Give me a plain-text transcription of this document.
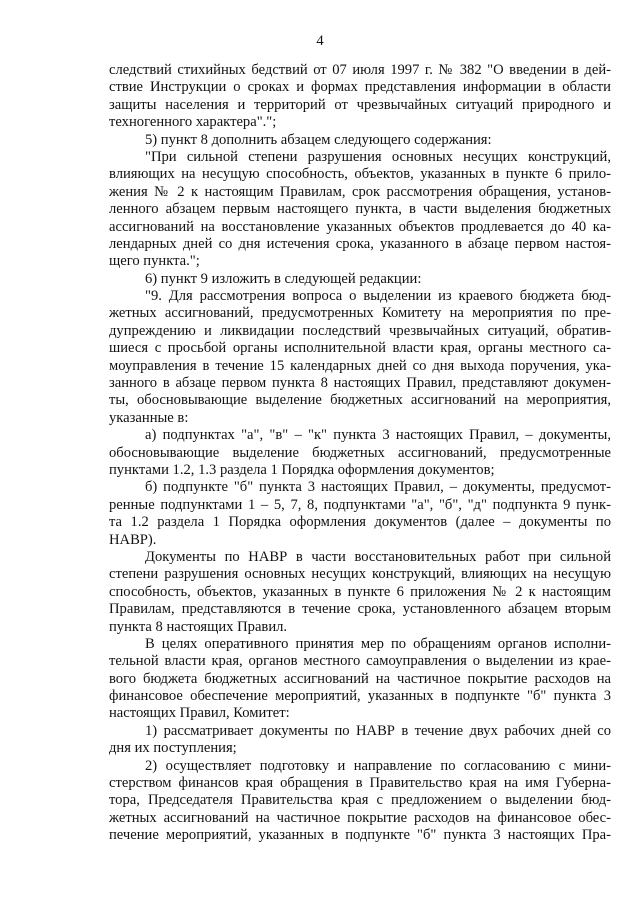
4
следствий стихийных бедствий от 07 июля 1997 г. № 382 "О введении в дей-
ствие Инструкции о сроках и формах представления информации в области
защиты населения и территорий от чрезвычайных ситуаций природного и
техногенного характера".";
5) пункт 8 дополнить абзацем следующего содержания:
"При сильной степени разрушения основных несущих конструкций,
влияющих на несущую способность, объектов, указанных в пункте 6 прило-
жения № 2 к настоящим Правилам, срок рассмотрения обращения, установ-
ленного абзацем первым настоящего пункта, в части выделения бюджетных
ассигнований на восстановление указанных объектов продлевается до 40 ка-
лендарных дней со дня истечения срока, указанного в абзаце первом настоя-
щего пункта.";
6) пункт 9 изложить в следующей редакции:
"9. Для рассмотрения вопроса о выделении из краевого бюджета бюд-
жетных ассигнований, предусмотренных Комитету на мероприятия по пре-
дупреждению и ликвидации последствий чрезвычайных ситуаций, обратив-
шиеся с просьбой органы исполнительной власти края, органы местного са-
моуправления в течение 15 календарных дней со дня выхода поручения, ука-
занного в абзаце первом пункта 8 настоящих Правил, представляют докумен-
ты, обосновывающие выделение бюджетных ассигнований на мероприятия,
указанные в:
а) подпунктах "а", "в" – "к" пункта 3 настоящих Правил, – документы,
обосновывающие выделение бюджетных ассигнований, предусмотренные
пунктами 1.2, 1.3 раздела 1 Порядка оформления документов;
б) подпункте "б" пункта 3 настоящих Правил, – документы, предусмот-
ренные подпунктами 1 – 5, 7, 8, подпунктами "а", "б", "д" подпункта 9 пунк-
та 1.2 раздела 1 Порядка оформления документов (далее – документы по
НАВР).
Документы по НАВР в части восстановительных работ при сильной
степени разрушения основных несущих конструкций, влияющих на несущую
способность, объектов, указанных в пункте 6 приложения № 2 к настоящим
Правилам, представляются в течение срока, установленного абзацем вторым
пункта 8 настоящих Правил.
В целях оперативного принятия мер по обращениям органов исполни-
тельной власти края, органов местного самоуправления о выделении из крае-
вого бюджета бюджетных ассигнований на частичное покрытие расходов на
финансовое обеспечение мероприятий, указанных в подпункте "б" пункта 3
настоящих Правил, Комитет:
1) рассматривает документы по НАВР в течение двух рабочих дней со
дня их поступления;
2) осуществляет подготовку и направление по согласованию с мини-
стерством финансов края обращения в Правительство края на имя Губерна-
тора, Председателя Правительства края с предложением о выделении бюд-
жетных ассигнований на частичное покрытие расходов на финансовое обес-
печение мероприятий, указанных в подпункте "б" пункта 3 настоящих Пра-
